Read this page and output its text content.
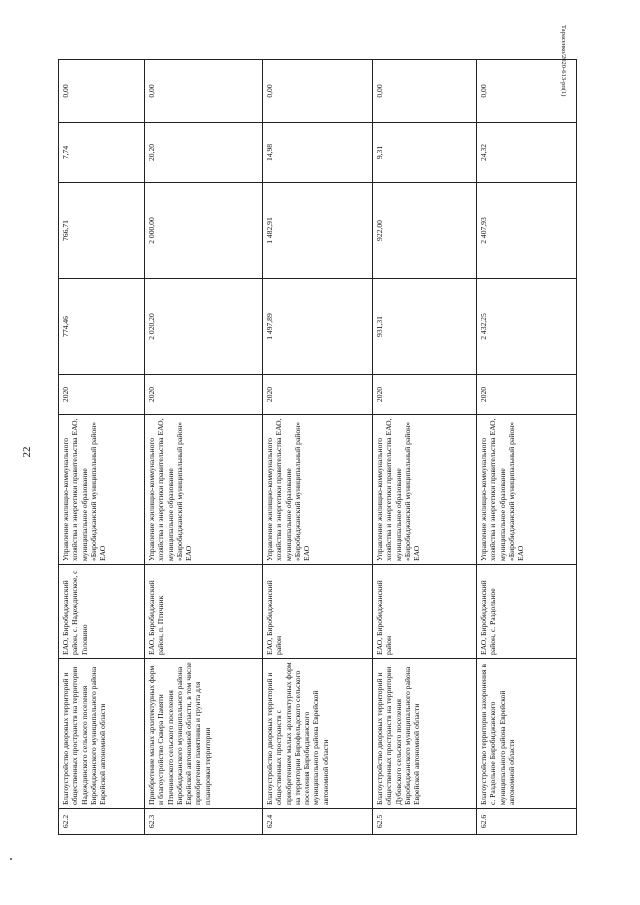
22
Тарасенко/2020-613-рп(1)
62.2	Благоустройство дворовых территорий и общественных пространств на территории Надеждинского сельского поселения Биробиджанского муниципального района Еврейской автономной области	ЕАО, Биробиджанский район, с. Надеждинское, с Головино	Управление жилищно-коммунального хозяйства и энергетики правительства ЕАО, муниципальное образование «Биробиджанский муниципальный район» ЕАО	2020	774,46	766,71	7,74	0,00
62.3	Приобретение малых архитектурных форм и благоустройство Сквера Памяти Птичнинского сельского поселения Биробиджанского муниципального района Еврейской автономной области, в том числе приобретение памятника и грунта для планировки территории	ЕАО, Биробиджанский район, п. Птичник	Управление жилищно-коммунального хозяйства и энергетики правительства ЕАО, муниципальное образование «Биробиджанский муниципальный район» ЕАО	2020	2 020,20	2 000,00	20,20	0,00
62.4	Благоустройство дворовых территорий и общественных пространств с приобретением малых архитектурных форм на территории Бирофельдского сельского поселения Биробиджанского муниципального района Еврейской автономной области	ЕАО, Биробиджанский район	Управление жилищно-коммунального хозяйства и энергетики правительства ЕАО, муниципальное образование «Биробиджанский муниципальный район» ЕАО	2020	1 497,89	1 482,91	14,98	0,00
62.5	Благоустройство дворовых территорий и общественных пространств на территории Дубовского сельского поселения Биробиджанского муниципального района Еврейской автономной области	ЕАО, Биробиджанский район	Управление жилищно-коммунального хозяйства и энергетики правительства ЕАО, муниципальное образование «Биробиджанский муниципальный район» ЕАО	2020	931,31	922,00	9,31	0,00
62.6	Благоустройство территории захоронения в с. Раздольное Биробиджанского муниципального района Еврейской автономной области	ЕАО, Биробиджанский район, с. Раздольное	Управление жилищно-коммунального хозяйства и энергетики правительства ЕАО, муниципальное образование «Биробиджанский муниципальный район» ЕАО	2020	2 432,25	2 407,93	24,32	0,00
